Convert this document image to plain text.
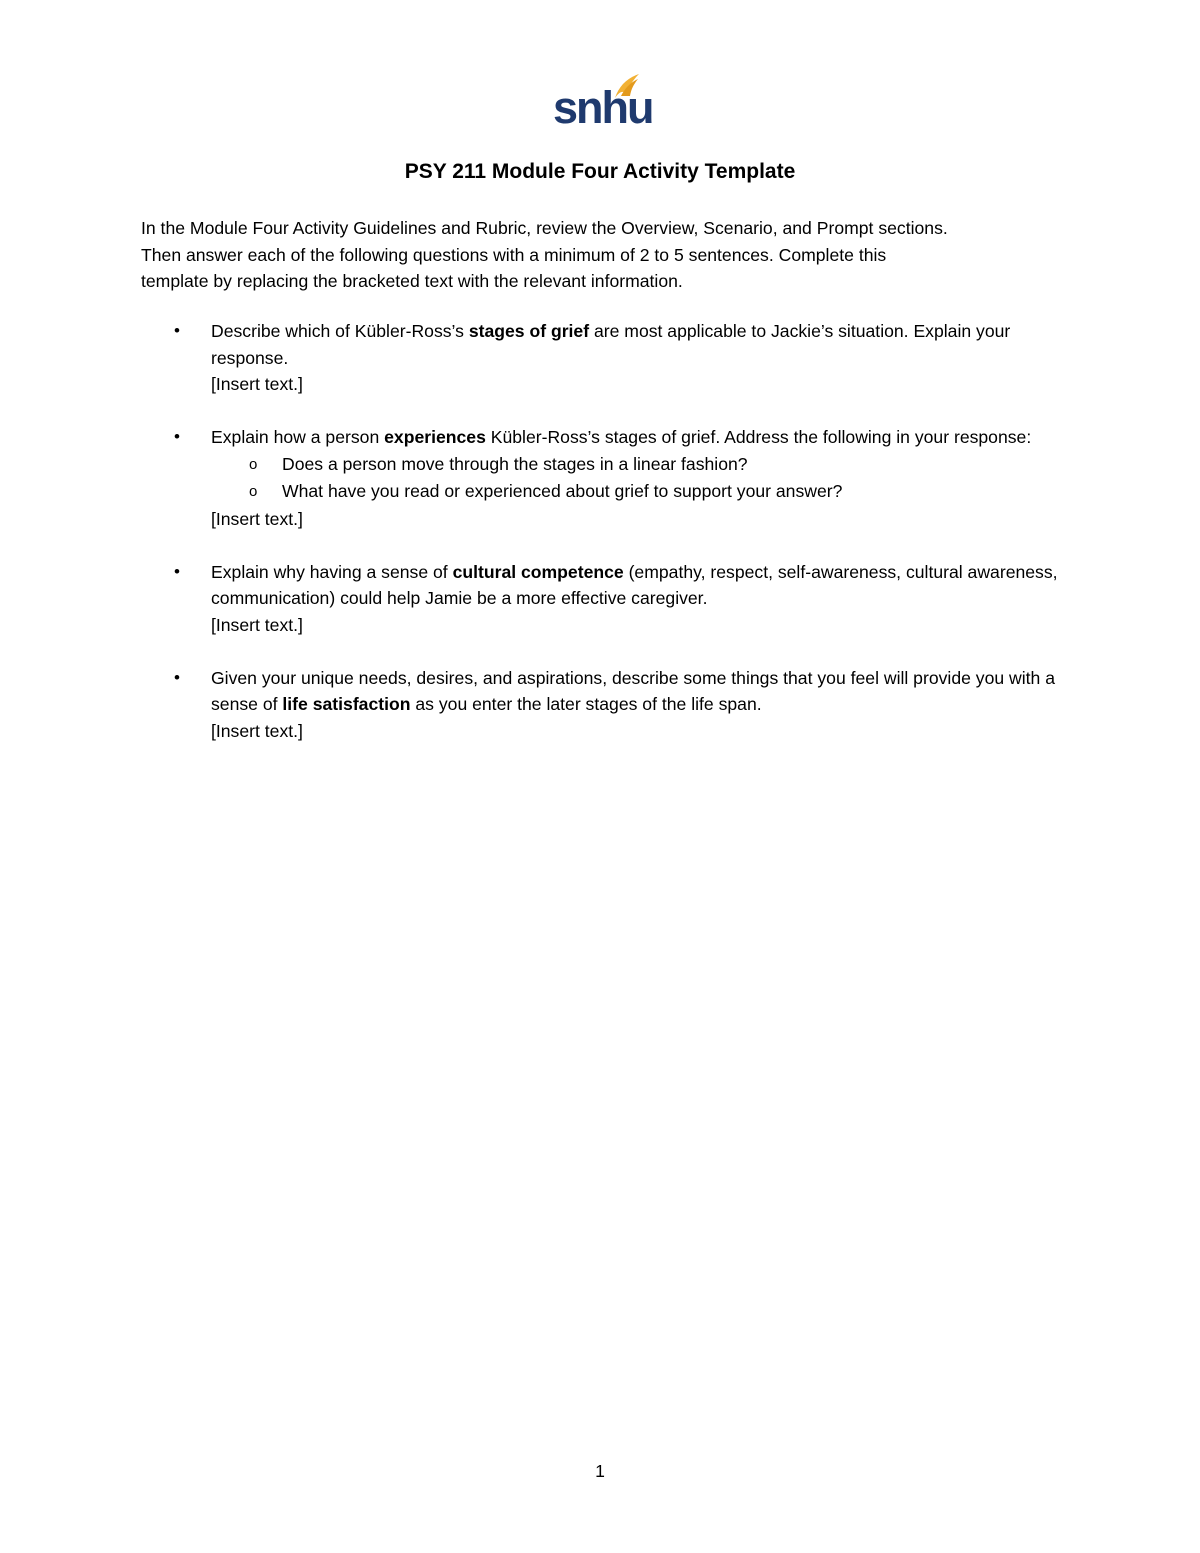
snhu
PSY 211 Module Four Activity Template

In the Module Four Activity Guidelines and Rubric, review the Overview, Scenario, and Prompt sections.

Then answer each of the following questions with a minimum of 2 to 5 sentences. Complete this

template by replacing the bracketed text with the relevant information.

• Describe which of Kübler-Ross’s stages of grief are most applicable to Jackie’s situation. Explain your response.
[Insert text.]
• Explain how a person experiences Kübler-Ross’s stages of grief. Address the following in your response:
o Does a person move through the stages in a linear fashion?
o What have you read or experienced about grief to support your answer?
[Insert text.]
• Explain why having a sense of cultural competence (empathy, respect, self-awareness, cultural awareness, communication) could help Jamie be a more effective caregiver.
[Insert text.]
• Given your unique needs, desires, and aspirations, describe some things that you feel will provide you with a sense of life satisfaction as you enter the later stages of the life span.
[Insert text.]
1
